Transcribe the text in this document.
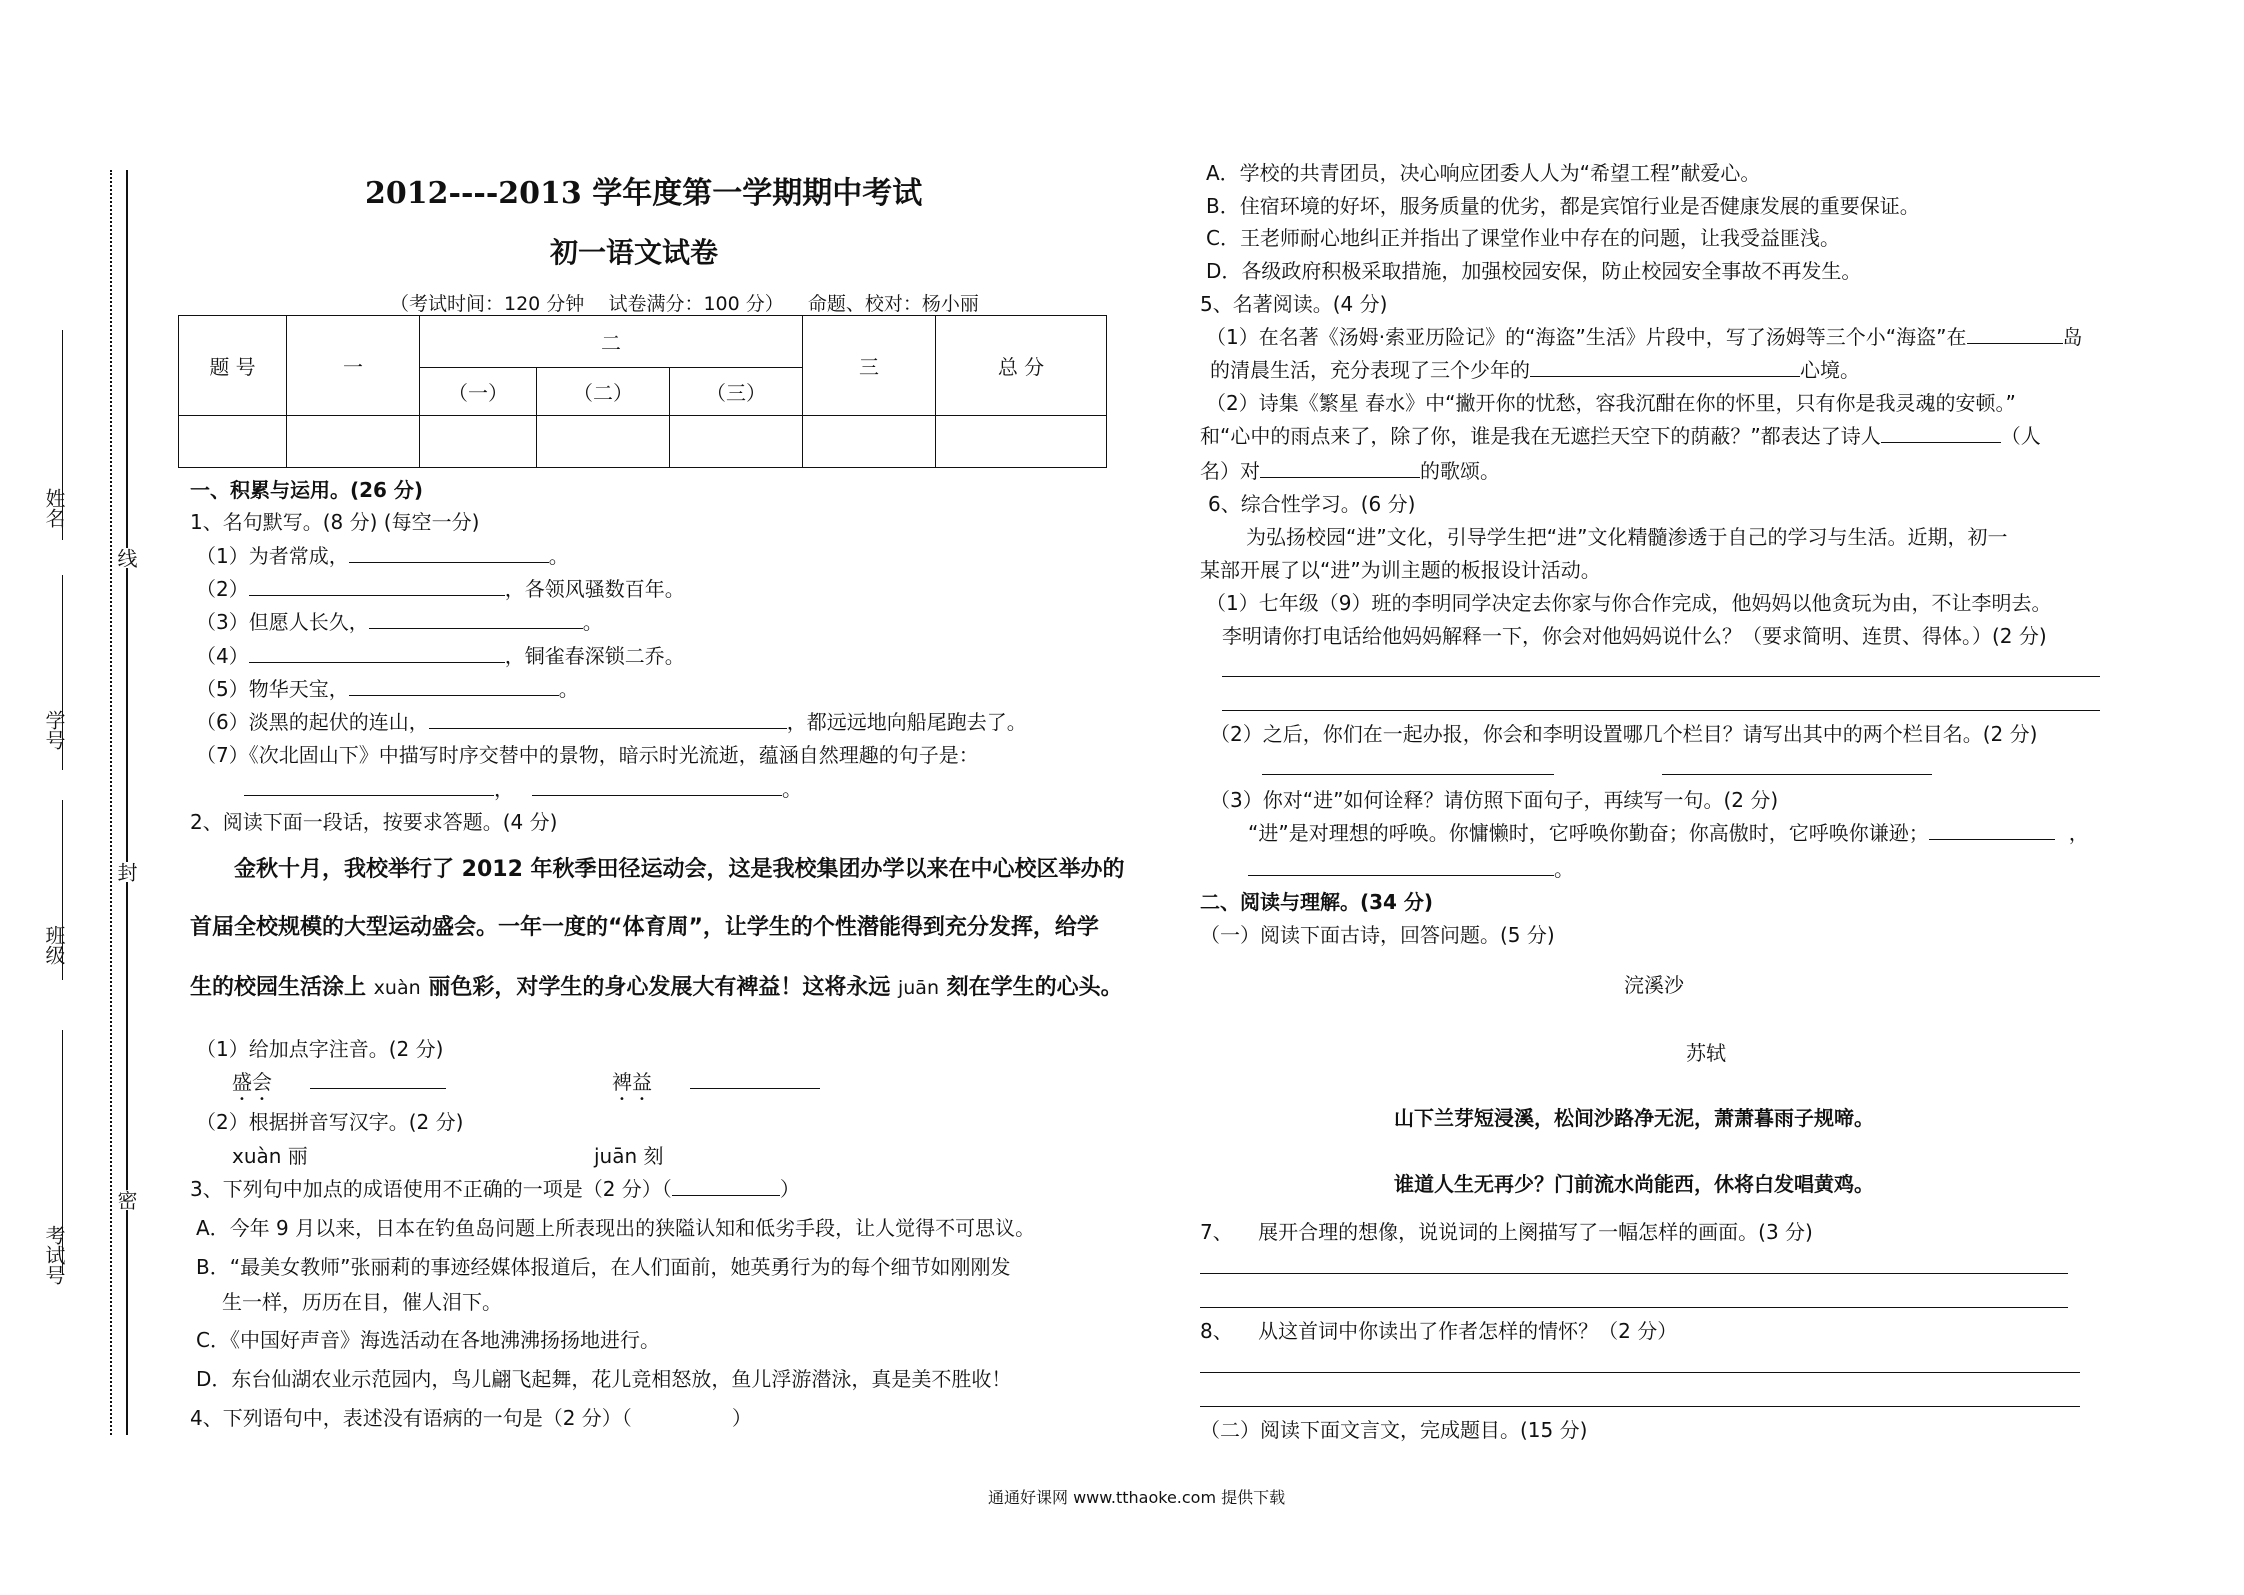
姓名
学号
班级
考试号
线
封
密
2012----2013 学年度第一学期期中考试
初一语文试卷
（考试时间：120 分钟    试卷满分：100 分）    命题、校对：杨小丽
题 号	一	二			三	总 分
		（一）	（二）	（三）		

一、积累与运用。(26 分)
1、名句默写。(8 分) (每空一分)
（1）为者常成，	。
（2）	，各领风骚数百年。
（3）但愿人长久，	。
（4）	，铜雀春深锁二乔。
（5）物华天宝，	。
（6）淡黑的起伏的连山，	，都远远地向船尾跑去了。
（7）《次北固山下》中描写时序交替中的景物，暗示时光流逝，蕴涵自然理趣的句子是：
，	。
2、阅读下面一段话，按要求答题。(4 分)
金秋十月，我校举行了 2012 年秋季田径运动会，这是我校集团办学以来在中心校区举办的
首届全校规模的大型运动盛会。一年一度的“体育周”，让学生的个性潜能得到充分发挥，给学
生的校园生活涂上 xuàn 丽色彩，对学生的身心发展大有裨益！这将永远 juān 刻在学生的心头。
（1）给加点字注音。(2 分)
盛会	裨益
（2）根据拼音写汉字。(2 分)
xuàn 丽	juān 刻
3、下列句中加点的成语使用不正确的一项是（2 分）（	）
A．今年 9 月以来，日本在钓鱼岛问题上所表现出的狭隘认知和低劣手段，让人觉得不可思议。
B．“最美女教师”张丽莉的事迹经媒体报道后，在人们面前，她英勇行为的每个细节如刚刚发
生一样，历历在目，催人泪下。
C．《中国好声音》海选活动在各地沸沸扬扬地进行。
D．东台仙湖农业示范园内，鸟儿翩飞起舞，花儿竞相怒放，鱼儿浮游潜泳，真是美不胜收！
4、下列语句中，表述没有语病的一句是（2 分）（	）
A．学校的共青团员，决心响应团委人人为“希望工程”献爱心。
B．住宿环境的好坏，服务质量的优劣，都是宾馆行业是否健康发展的重要保证。
C．王老师耐心地纠正并指出了课堂作业中存在的问题，让我受益匪浅。
D．各级政府积极采取措施，加强校园安保，防止校园安全事故不再发生。
5、名著阅读。(4 分)
（1）在名著《汤姆·索亚历险记》的“海盗”生活》片段中，写了汤姆等三个小“海盗”在	岛
的清晨生活，充分表现了三个少年的	心境。
（2）诗集《繁星 春水》中“撇开你的忧愁，容我沉酣在你的怀里，只有你是我灵魂的安顿。”
和“心中的雨点来了，除了你，谁是我在无遮拦天空下的荫蔽？”都表达了诗人	（人
名）对	的歌颂。
6、综合性学习。(6 分)
为弘扬校园“进”文化，引导学生把“进”文化精髓渗透于自己的学习与生活。近期，初一
某部开展了以“进”为训主题的板报设计活动。
（1）七年级（9）班的李明同学决定去你家与你合作完成，他妈妈以他贪玩为由，不让李明去。
李明请你打电话给他妈妈解释一下，你会对他妈妈说什么？（要求简明、连贯、得体。）(2 分)
（2）之后，你们在一起办报，你会和李明设置哪几个栏目？请写出其中的两个栏目名。(2 分)
（3）你对“进”如何诠释？请仿照下面句子，再续写一句。(2 分)
“进”是对理想的呼唤。你慵懒时，它呼唤你勤奋；你高傲时，它呼唤你谦逊；	，
。
二、阅读与理解。(34 分)
（一）阅读下面古诗，回答问题。(5 分)
浣溪沙
苏轼
山下兰芽短浸溪，松间沙路净无泥，萧萧暮雨子规啼。
谁道人生无再少？门前流水尚能西，休将白发唱黄鸡。
7、    展开合理的想像，说说词的上阕描写了一幅怎样的画面。(3 分)
8、    从这首词中你读出了作者怎样的情怀？（2 分）
（二）阅读下面文言文，完成题目。(15 分)
通通好课网 www.tthaoke.com 提供下载
